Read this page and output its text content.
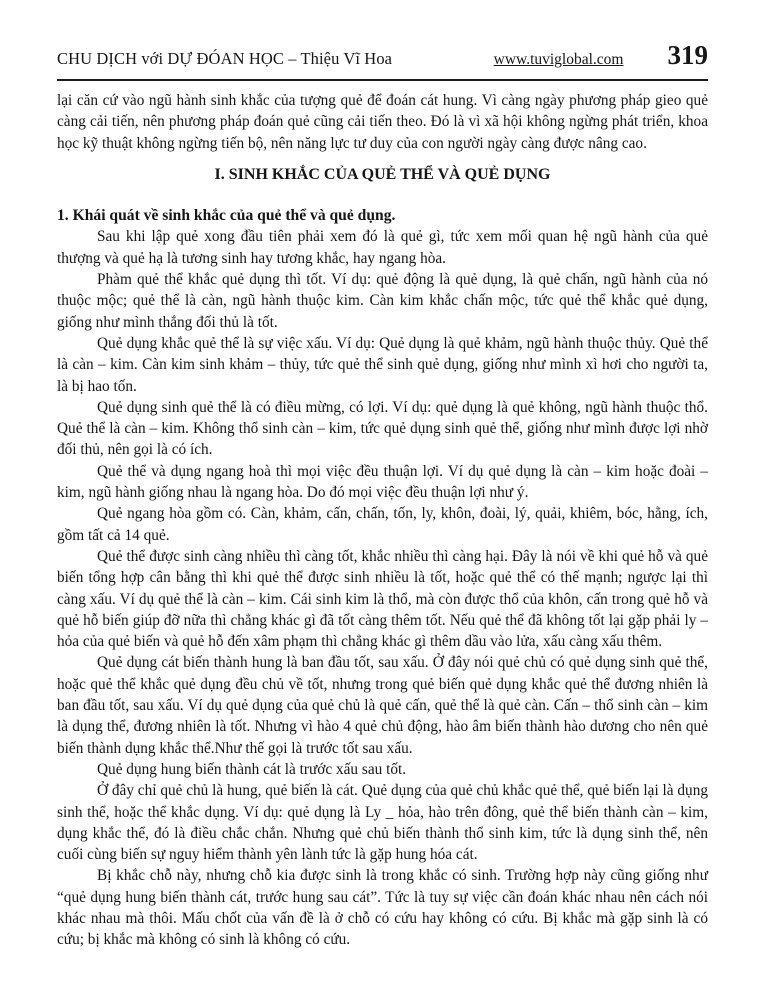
CHU DỊCH với DỰ ĐÓAN HỌC – Thiệu Vĩ Hoa	www.tuviglobal.com 319

lại căn cứ vào ngũ hành sinh khắc của tượng quẻ để đoán cát hung. Vì càng ngày phương pháp gieo quẻ càng cải tiến, nên phương pháp đoán quẻ cũng cải tiến theo. Đó là vì xã hội không ngừng phát triển, khoa học kỹ thuật không ngừng tiến bộ, nên năng lực tư duy của con người ngày càng được nâng cao.

I. SINH KHẮC CỦA QUẺ THỂ VÀ QUẺ DỤNG
1. Khái quát về sinh khắc của quẻ thể và quẻ dụng.

Sau khi lập quẻ xong đầu tiên phải xem đó là quẻ gì, tức xem mối quan hệ ngũ hành của quẻ thượng và quẻ hạ là tương sinh hay tương khắc, hay ngang hòa.

Phàm quẻ thể khắc quẻ dụng thì tốt. Ví dụ: quẻ động là quẻ dụng, là quẻ chấn, ngũ hành của nó thuộc mộc; quẻ thể là càn, ngũ hành thuộc kim. Càn kim khắc chấn mộc, tức quẻ thể khắc quẻ dụng, giống như mình thắng đối thủ là tốt.

Quẻ dụng khắc quẻ thể là sự việc xấu. Ví dụ: Quẻ dụng là quẻ khảm, ngũ hành thuộc thủy. Quẻ thể là càn – kim. Càn kim sinh khảm – thủy, tức quẻ thể sinh quẻ dụng, giống như mình xì hơi cho người ta, là bị hao tốn.

Quẻ dụng sinh quẻ thể là có điều mừng, có lợi. Ví dụ: quẻ dụng là quẻ không, ngũ hành thuộc thổ. Quẻ thể là càn – kim. Không thổ sinh càn – kim, tức quẻ dụng sinh quẻ thể, giống như mình được lợi nhờ đối thủ, nên gọi là có ích.

Quẻ thể và dụng ngang hoà thì mọi việc đều thuận lợi. Ví dụ quẻ dụng là càn – kim hoặc đoài – kim, ngũ hành giống nhau là ngang hòa. Do đó mọi việc đều thuận lợi như ý.

Quẻ ngang hòa gồm có. Càn, khảm, cấn, chấn, tốn, ly, khôn, đoài, lý, quải, khiêm, bóc, hằng, ích, gồm tất cả 14 quẻ.

Quẻ thể được sinh càng nhiều thì càng tốt, khắc nhiều thì càng hại. Đây là nói về khi quẻ hỗ và quẻ biến tổng hợp cân bằng thì khi quẻ thể được sinh nhiều là tốt, hoặc quẻ thể có thế mạnh; ngược lại thì càng xấu. Ví dụ quẻ thể là càn – kim. Cái sinh kim là thổ, mà còn được thổ của khôn, cấn trong quẻ hỗ và quẻ hỗ biến giúp đỡ nữa thì chẳng khác gì đã tốt càng thêm tốt. Nếu quẻ thể đã không tốt lại gặp phải ly – hỏa của quẻ biến và quẻ hỗ đến xâm phạm thì chẳng khác gì thêm dầu vào lửa, xấu càng xấu thêm.

Quẻ dụng cát biến thành hung là ban đầu tốt, sau xấu. Ở đây nói quẻ chủ có quẻ dụng sinh quẻ thể, hoặc quẻ thể khắc quẻ dụng đều chủ về tốt, nhưng trong quẻ biến quẻ dụng khắc quẻ thể đương nhiên là ban đầu tốt, sau xấu. Ví dụ quẻ dụng của quẻ chủ là quẻ cấn, quẻ thể là quẻ càn. Cấn – thổ sinh càn – kim là dụng thể, đương nhiên là tốt. Nhưng vì hào 4 quẻ chủ động, hào âm biến thành hào dương cho nên quẻ biến thành dụng khắc thể.Như thế gọi là trước tốt sau xấu.

Quẻ dụng hung biến thành cát là trước xấu sau tốt.

Ở đây chỉ quẻ chủ là hung, quẻ biến là cát. Quẻ dụng của quẻ chủ khắc quẻ thể, quẻ biến lại là dụng sinh thể, hoặc thể khắc dụng. Ví dụ: quẻ dụng là Ly _ hỏa, hào trên đông, quẻ thể biến thành càn – kim, dụng khắc thể, đó là điều chắc chắn. Nhưng quẻ chủ biến thành thổ sinh kim, tức là dụng sinh thể, nên cuối cùng biến sự nguy hiểm thành yên lành tức là gặp hung hóa cát.

Bị khắc chỗ này, nhưng chỗ kia được sinh là trong khắc có sinh. Trường hợp này cũng giống như “quẻ dụng hung biến thành cát, trước hung sau cát”. Tức là tuy sự việc cần đoán khác nhau nên cách nói khác nhau mà thôi. Mấu chốt của vấn đề là ở chỗ có cứu hay không có cứu. Bị khắc mà gặp sinh là có cứu; bị khắc mà không có sinh là không có cứu.
